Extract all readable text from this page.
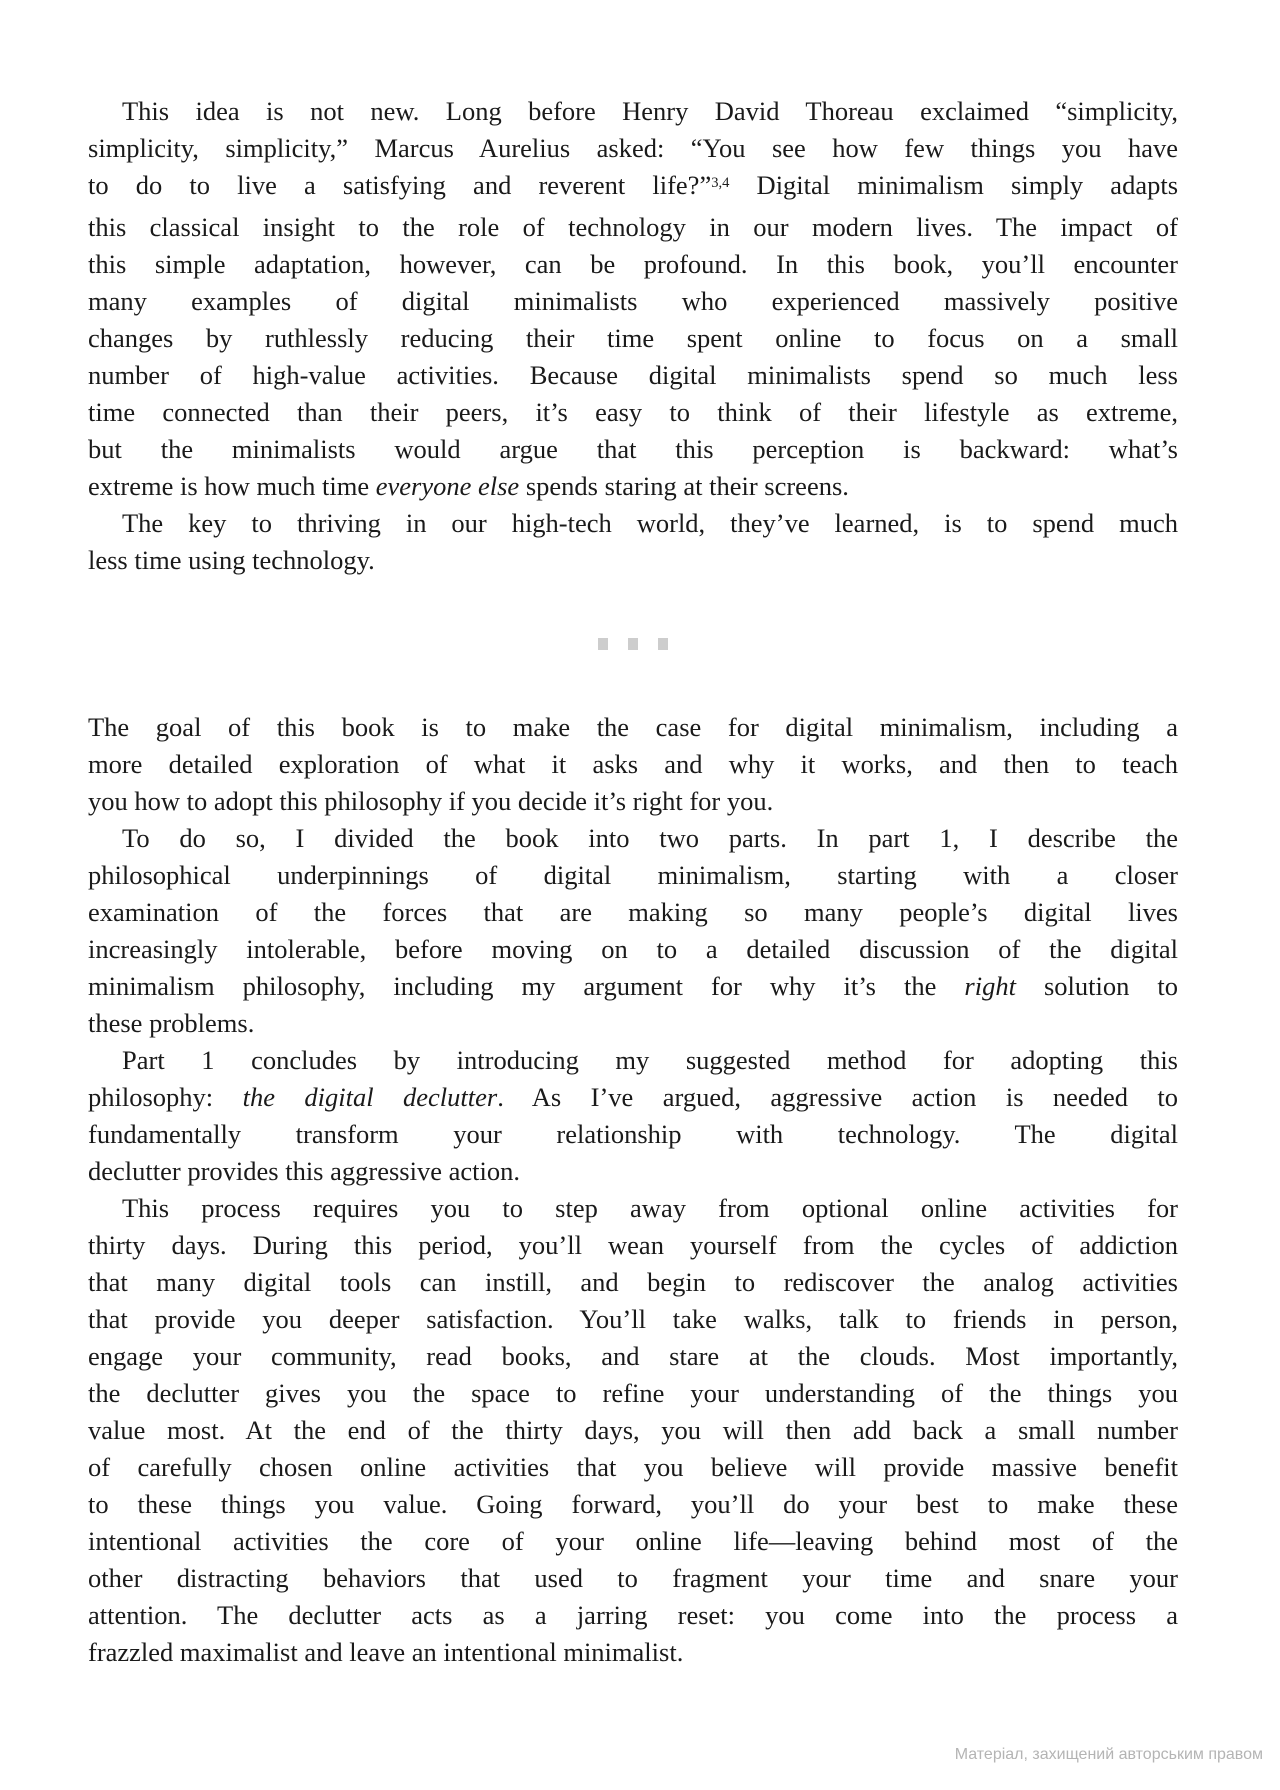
This idea is not new. Long before Henry David Thoreau exclaimed “simplicity,
simplicity, simplicity,” Marcus Aurelius asked: “You see how few things you have
to do to live a satisfying and reverent life?”$^{3,4}$ Digital minimalism simply adapts
this classical insight to the role of technology in our modern lives. The impact of
this simple adaptation, however, can be profound. In this book, you’ll encounter
many examples of digital minimalists who experienced massively positive
changes by ruthlessly reducing their time spent online to focus on a small
number of high-value activities. Because digital minimalists spend so much less
time connected than their peers, it’s easy to think of their lifestyle as extreme,
but the minimalists would argue that this perception is backward: what’s
extreme is how much time everyone else spends staring at their screens.
The key to thriving in our high-tech world, they’ve learned, is to spend much
less time using technology.
The goal of this book is to make the case for digital minimalism, including a
more detailed exploration of what it asks and why it works, and then to teach
you how to adopt this philosophy if you decide it’s right for you.
To do so, I divided the book into two parts. In part 1, I describe the
philosophical underpinnings of digital minimalism, starting with a closer
examination of the forces that are making so many people’s digital lives
increasingly intolerable, before moving on to a detailed discussion of the digital
minimalism philosophy, including my argument for why it’s the right solution to
these problems.
Part 1 concludes by introducing my suggested method for adopting this
philosophy: the digital declutter. As I’ve argued, aggressive action is needed to
fundamentally transform your relationship with technology. The digital
declutter provides this aggressive action.
This process requires you to step away from optional online activities for
thirty days. During this period, you’ll wean yourself from the cycles of addiction
that many digital tools can instill, and begin to rediscover the analog activities
that provide you deeper satisfaction. You’ll take walks, talk to friends in person,
engage your community, read books, and stare at the clouds. Most importantly,
the declutter gives you the space to refine your understanding of the things you
value most. At the end of the thirty days, you will then add back a small number
of carefully chosen online activities that you believe will provide massive benefit
to these things you value. Going forward, you’ll do your best to make these
intentional activities the core of your online life—leaving behind most of the
other distracting behaviors that used to fragment your time and snare your
attention. The declutter acts as a jarring reset: you come into the process a
frazzled maximalist and leave an intentional minimalist.
Матеріал, захищений авторським правом
